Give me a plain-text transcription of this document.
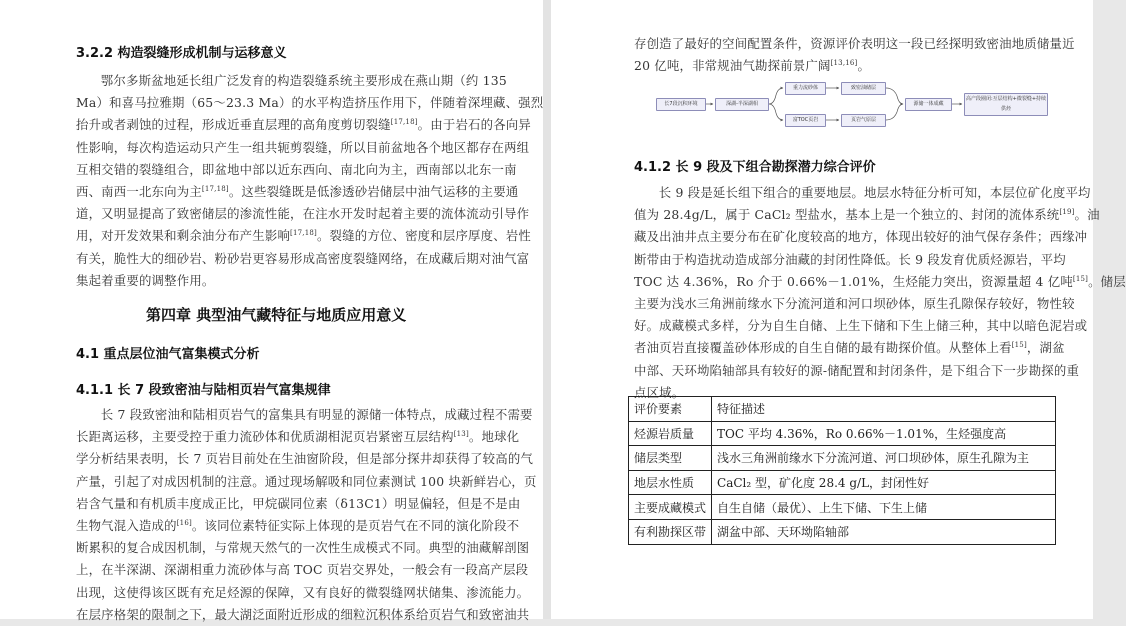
3.2.2 构造裂缝形成机制与运移意义
鄂尔多斯盆地延长组广泛发育的构造裂缝系统主要形成在燕山期（约 135
Ma）和喜马拉雅期（65～23.3 Ma）的水平构造挤压作用下，伴随着深埋藏、强烈
抬升或者剥蚀的过程，形成近垂直层理的高角度剪切裂缝[17,18]。由于岩石的各向异
性影响，每次构造运动只产生一组共轭剪裂缝，所以目前盆地各个地区都存在两组
互相交错的裂缝组合，即盆地中部以近东西向、南北向为主，西南部以北东一南
西、南西一北东向为主[17,18]。这些裂缝既是低渗透砂岩储层中油气运移的主要通
道，又明显提高了致密储层的渗流性能，在注水开发时起着主要的流体流动引导作
用，对开发效果和剩余油分布产生影响[17,18]。裂缝的方位、密度和层序厚度、岩性
有关，脆性大的细砂岩、粉砂岩更容易形成高密度裂缝网络，在成藏后期对油气富
集起着重要的调整作用。
第四章 典型油气藏特征与地质应用意义
4.1 重点层位油气富集模式分析
4.1.1 长 7 段致密油与陆相页岩气富集规律
长 7 段致密油和陆相页岩气的富集具有明显的源储一体特点，成藏过程不需要
长距离运移，主要受控于重力流砂体和优质湖相泥页岩紧密互层结构[13]。地球化
学分析结果表明，长 7 页岩目前处在生油窗阶段，但是部分探井却获得了较高的气
产量，引起了对成因机制的注意。通过现场解吸和同位素测试 100 块新鲜岩心，页
岩含气量和有机质丰度成正比，甲烷碳同位素（δ13C1）明显偏轻，但是不是由
生物气混入造成的[16]。该同位素特征实际上体现的是页岩气在不同的演化阶段不
断累积的复合成因机制，与常规天然气的一次性生成模式不同。典型的油藏解剖图
上，在半深湖、深湖相重力流砂体与高 TOC 页岩交界处，一般会有一段高产层段
出现，这使得该区既有充足烃源的保障，又有良好的微裂缝网状储集、渗流能力。
在层序格架的限制之下，最大湖泛面附近形成的细粒沉积体系给页岩气和致密油共
存创造了最好的空间配置条件，资源评价表明这一段已经探明致密油地质储量近
20 亿吨，非常规油气勘探前景广阔[13,16]。
4.1.2 长 9 段及下组合勘探潜力综合评价
长 9 段是延长组下组合的重要地层。地层水特征分析可知，本层位矿化度平均
值为 28.4g/L，属于 CaCl₂ 型盐水，基本上是一个独立的、封闭的流体系统[19]。油
藏及出油井点主要分布在矿化度较高的地方，体现出较好的油气保存条件；西缘冲
断带由于构造扰动造成部分油藏的封闭性降低。长 9 段发育优质烃源岩，平均
TOC 达 4.36%，Ro 介于 0.66%－1.01%，生烃能力突出，资源量超 4 亿吨[15]。储层
主要为浅水三角洲前缘水下分流河道和河口坝砂体，原生孔隙保存较好，物性较
好。成藏模式多样，分为自生自储、上生下储和下生上储三种，其中以暗色泥岩或
者油页岩直接覆盖砂体形成的自生自储的最有勘探价值。从整体上看[15]，湖盆
中部、天环坳陷轴部具有较好的源-储配置和封闭条件，是下组合下一步勘探的重
点区域。
长7段沉积环境	深湖-半深湖相
重力流砂体	致密油储层
富TOC页岩	页岩气原层
源储一体成藏
高产段圈闭:互层结构+微裂缝+持续供烃
评价要素	特征描述
烃源岩质量	TOC 平均 4.36%，Ro 0.66%－1.01%，生烃强度高
储层类型	浅水三角洲前缘水下分流河道、河口坝砂体，原生孔隙为主
地层水性质	CaCl₂ 型，矿化度 28.4 g/L，封闭性好
主要成藏模式	自生自储（最优）、上生下储、下生上储
有利勘探区带	湖盆中部、天环坳陷轴部
